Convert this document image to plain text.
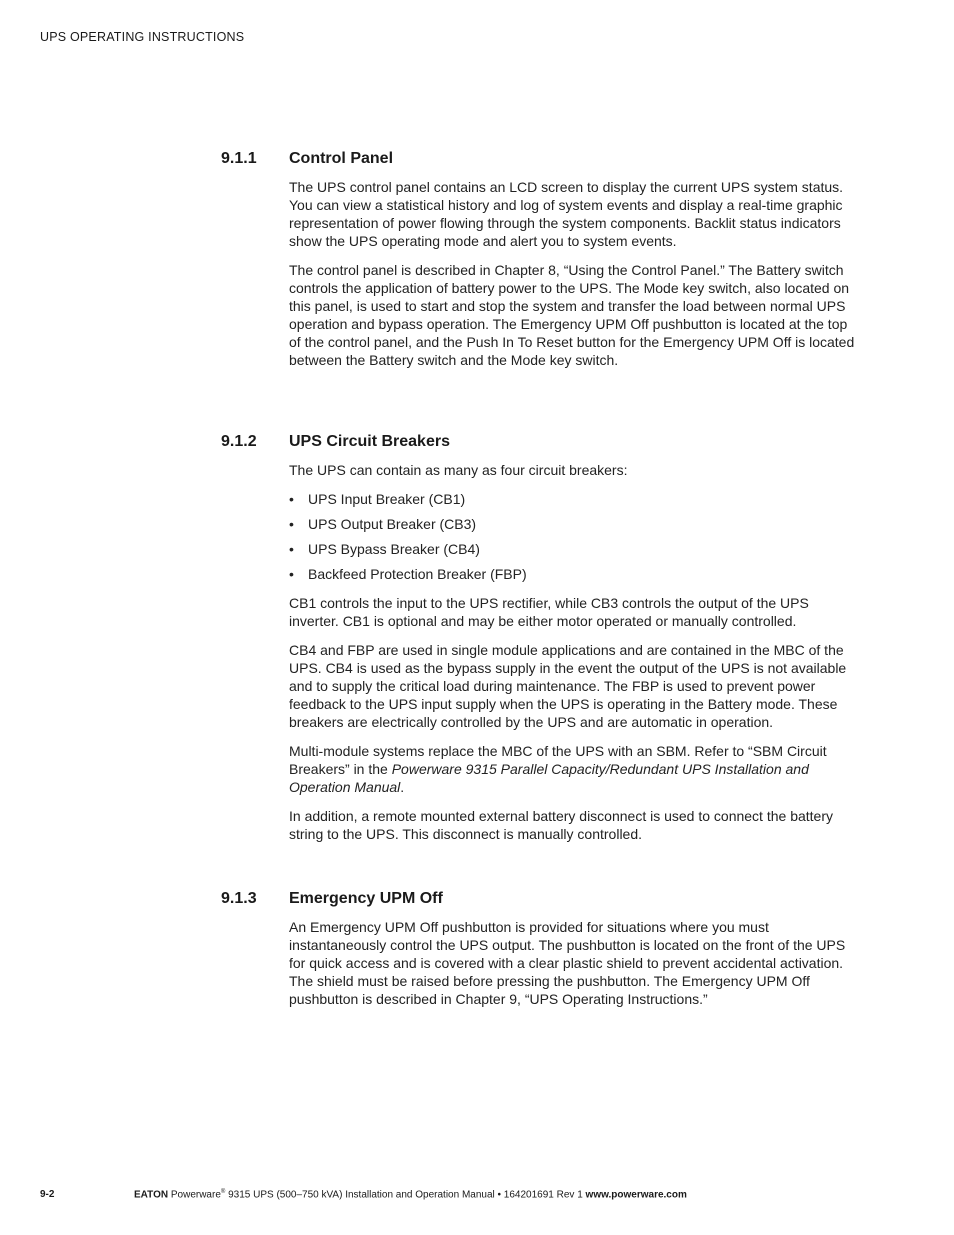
UPS OPERATING INSTRUCTIONS
9.1.1	Control Panel

The UPS control panel contains an LCD screen to display the current UPS system status. You can view a statistical history and log of system events and display a real-time graphic representation of power flowing through the system components. Backlit status indicators show the UPS operating mode and alert you to system events.

The control panel is described in Chapter 8, “Using the Control Panel.” The Battery switch controls the application of battery power to the UPS. The Mode key switch, also located on this panel, is used to start and stop the system and transfer the load between normal UPS operation and bypass operation. The Emergency UPM Off pushbutton is located at the top of the control panel, and the Push In To Reset button for the Emergency UPM Off is located between the Battery switch and the Mode key switch.

9.1.2	UPS Circuit Breakers

The UPS can contain as many as four circuit breakers:

•	UPS Input Breaker (CB1)
•	UPS Output Breaker (CB3)
•	UPS Bypass Breaker (CB4)
•	Backfeed Protection Breaker (FBP)

CB1 controls the input to the UPS rectifier, while CB3 controls the output of the UPS inverter. CB1 is optional and may be either motor operated or manually controlled.

CB4 and FBP are used in single module applications and are contained in the MBC of the UPS. CB4 is used as the bypass supply in the event the output of the UPS is not available and to supply the critical load during maintenance. The FBP is used to prevent power feedback to the UPS input supply when the UPS is operating in the Battery mode. These breakers are electrically controlled by the UPS and are automatic in operation.

Multi-module systems replace the MBC of the UPS with an SBM. Refer to “SBM Circuit Breakers” in the Powerware 9315 Parallel Capacity/Redundant UPS Installation and Operation Manual.

In addition, a remote mounted external battery disconnect is used to connect the battery string to the UPS. This disconnect is manually controlled.

9.1.3	Emergency UPM Off

An Emergency UPM Off pushbutton is provided for situations where you must instantaneously control the UPS output. The pushbutton is located on the front of the UPS for quick access and is covered with a clear plastic shield to prevent accidental activation. The shield must be raised before pressing the pushbutton. The Emergency UPM Off pushbutton is described in Chapter 9, “UPS Operating Instructions.”

9-2	EATON Powerware® 9315 UPS (500–750 kVA) Installation and Operation Manual • 164201691 Rev 1 www.powerware.com
